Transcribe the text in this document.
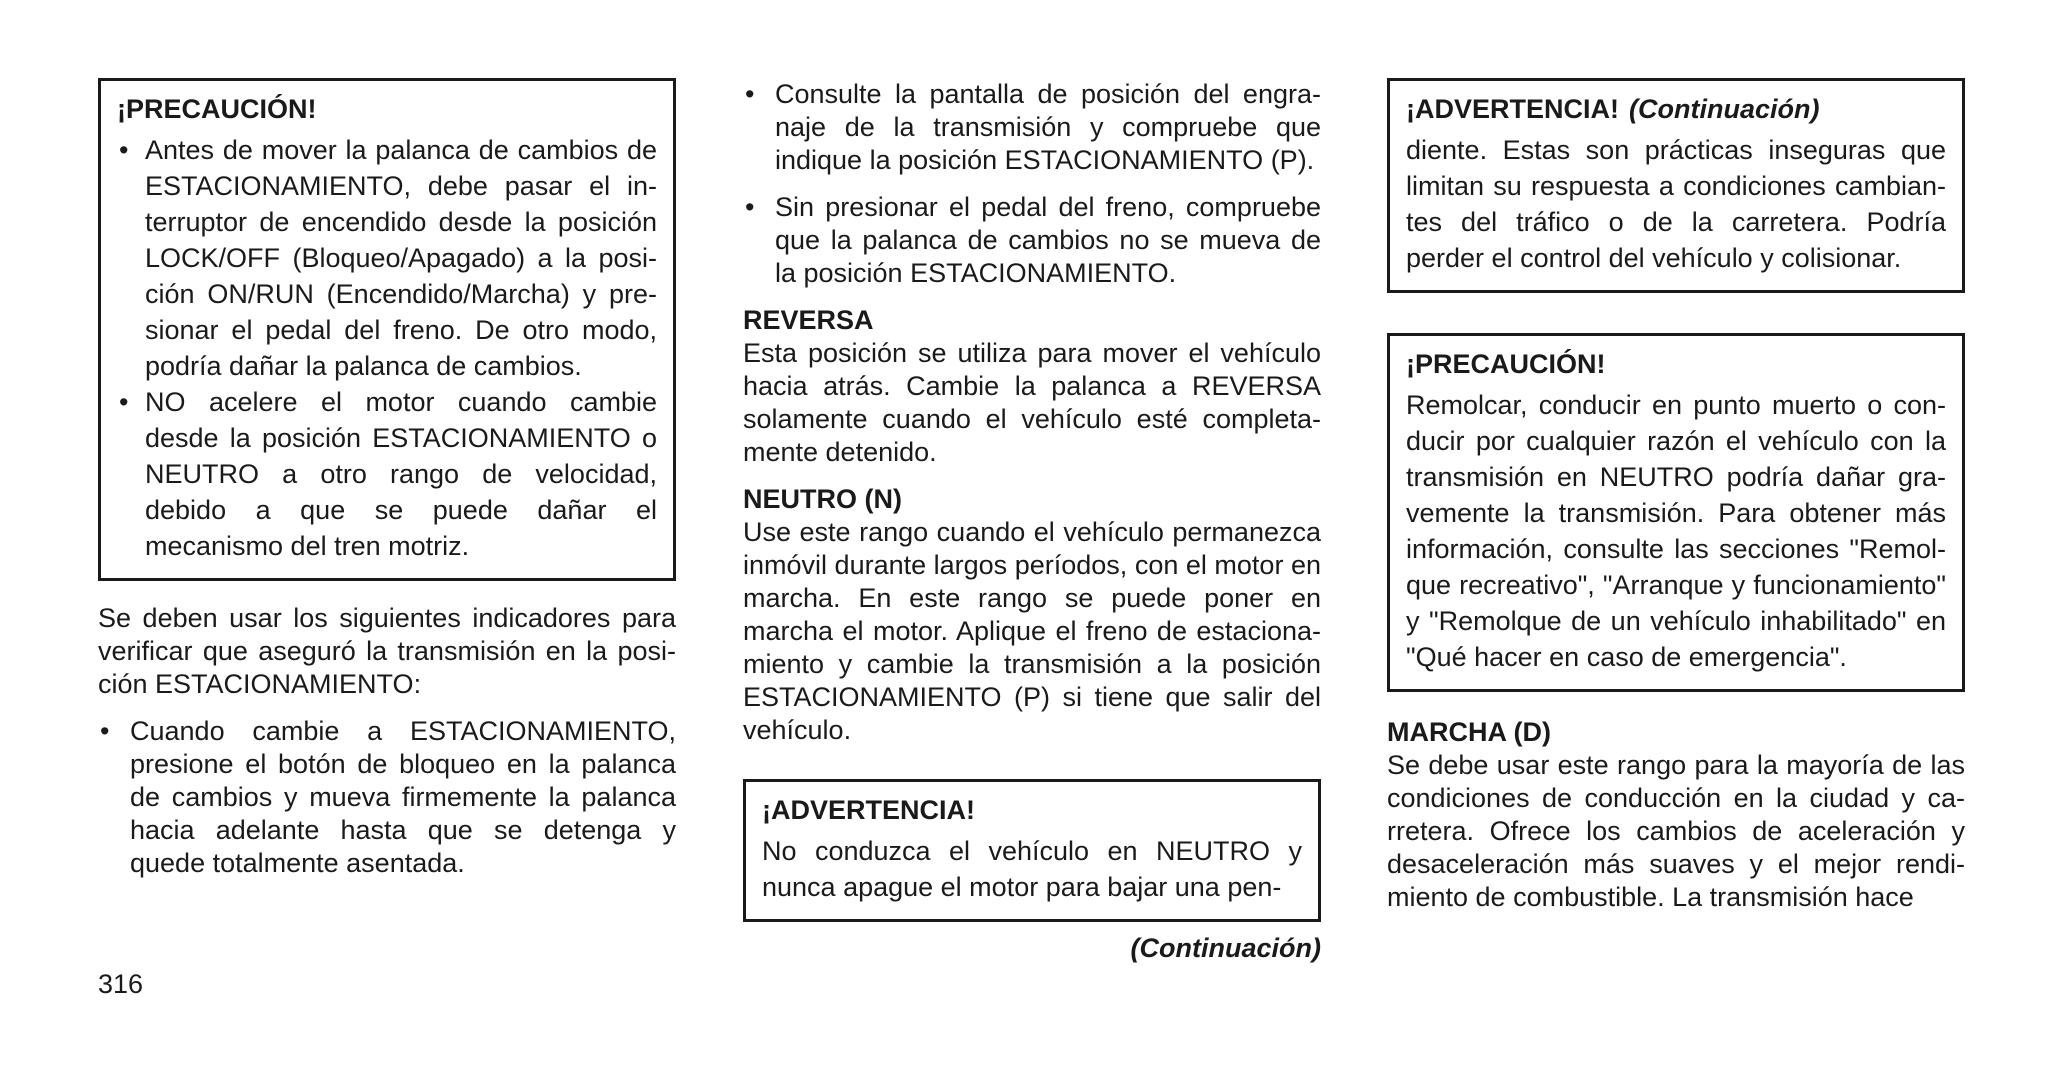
¡PRECAUCIÓN!

• Antes de mover la palanca de cambios de ESTACIONAMIENTO, debe pasar el interruptor de encendido desde la posición LOCK/OFF (Bloqueo/Apagado) a la posición ON/RUN (Encendido/Marcha) y presionar el pedal del freno. De otro modo, podría dañar la palanca de cambios.
• NO acelere el motor cuando cambie desde la posición ESTACIONAMIENTO o NEUTRO a otro rango de velocidad, debido a que se puede dañar el mecanismo del tren motriz.

Se deben usar los siguientes indicadores para verificar que aseguró la transmisión en la posición ESTACIONAMIENTO:

• Cuando cambie a ESTACIONAMIENTO, presione el botón de bloqueo en la palanca de cambios y mueva firmemente la palanca hacia adelante hasta que se detenga y quede totalmente asentada.
• Consulte la pantalla de posición del engranaje de la transmisión y compruebe que indique la posición ESTACIONAMIENTO (P).
• Sin presionar el pedal del freno, compruebe que la palanca de cambios no se mueva de la posición ESTACIONAMIENTO.

REVERSA

Esta posición se utiliza para mover el vehículo hacia atrás. Cambie la palanca a REVERSA solamente cuando el vehículo esté completamente detenido.

NEUTRO (N)

Use este rango cuando el vehículo permanezca inmóvil durante largos períodos, con el motor en marcha. En este rango se puede poner en marcha el motor. Aplique el freno de estacionamiento y cambie la transmisión a la posición ESTACIONAMIENTO (P) si tiene que salir del vehículo.

¡ADVERTENCIA!

No conduzca el vehículo en NEUTRO y nunca apague el motor para bajar una pen-

(Continuación)

¡ADVERTENCIA! (Continuación)

diente. Estas son prácticas inseguras que limitan su respuesta a condiciones cambiantes del tráfico o de la carretera. Podría perder el control del vehículo y colisionar.

¡PRECAUCIÓN!

Remolcar, conducir en punto muerto o conducir por cualquier razón el vehículo con la transmisión en NEUTRO podría dañar gravemente la transmisión. Para obtener más información, consulte las secciones "Remolque recreativo", "Arranque y funcionamiento" y "Remolque de un vehículo inhabilitado" en "Qué hacer en caso de emergencia".

MARCHA (D)

Se debe usar este rango para la mayoría de las condiciones de conducción en la ciudad y carretera. Ofrece los cambios de aceleración y desaceleración más suaves y el mejor rendimiento de combustible. La transmisión hace

316
